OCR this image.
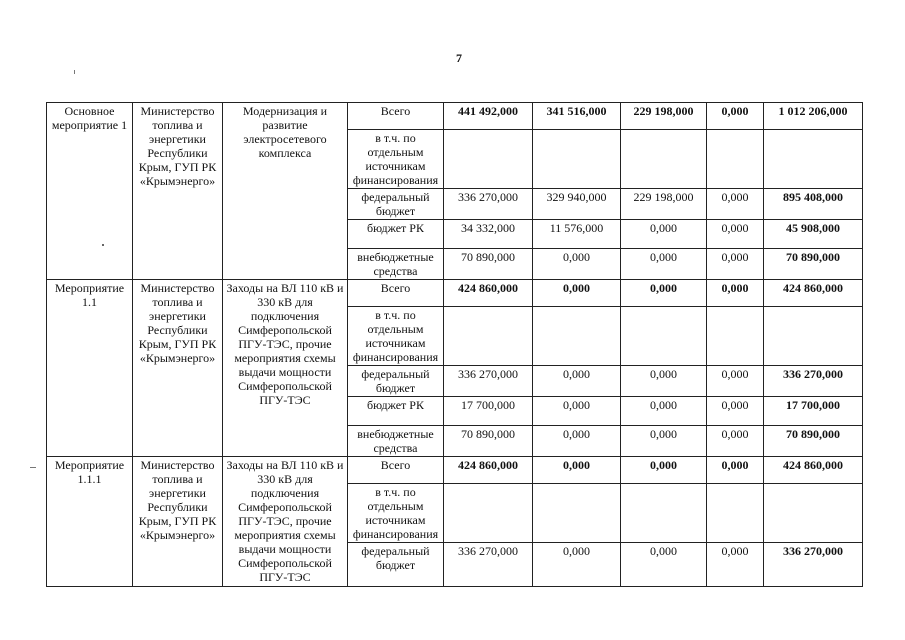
7
Основное мероприятие 1	Министерство топлива и энергетики Республики Крым, ГУП РК «Крымэнерго»	Модернизация и развитие электросетевого комплекса	Всего	441 492,000	341 516,000	229 198,000	0,000	1 012 206,000
			в т.ч. по отдельным источникам финансирования					
			федеральный бюджет	336 270,000	329 940,000	229 198,000	0,000	895 408,000
			бюджет РК	34 332,000	11 576,000	0,000	0,000	45 908,000
			внебюджетные средства	70 890,000	0,000	0,000	0,000	70 890,000
Мероприятие 1.1	Министерство топлива и энергетики Республики Крым, ГУП РК «Крымэнерго»	Заходы на ВЛ 110 кВ и 330 кВ для подключения Симферопольской ПГУ-ТЭС, прочие мероприятия схемы выдачи мощности Симферопольской ПГУ-ТЭС	Всего	424 860,000	0,000	0,000	0,000	424 860,000
			в т.ч. по отдельным источникам финансирования					
			федеральный бюджет	336 270,000	0,000	0,000	0,000	336 270,000
			бюджет РК	17 700,000	0,000	0,000	0,000	17 700,000
			внебюджетные средства	70 890,000	0,000	0,000	0,000	70 890,000
Мероприятие 1.1.1	Министерство топлива и энергетики Республики Крым, ГУП РК «Крымэнерго»	Заходы на ВЛ 110 кВ и 330 кВ для подключения Симферопольской ПГУ-ТЭС, прочие мероприятия схемы выдачи мощности Симферопольской ПГУ-ТЭС	Всего	424 860,000	0,000	0,000	0,000	424 860,000
			в т.ч. по отдельным источникам финансирования					
			федеральный бюджет	336 270,000	0,000	0,000	0,000	336 270,000
